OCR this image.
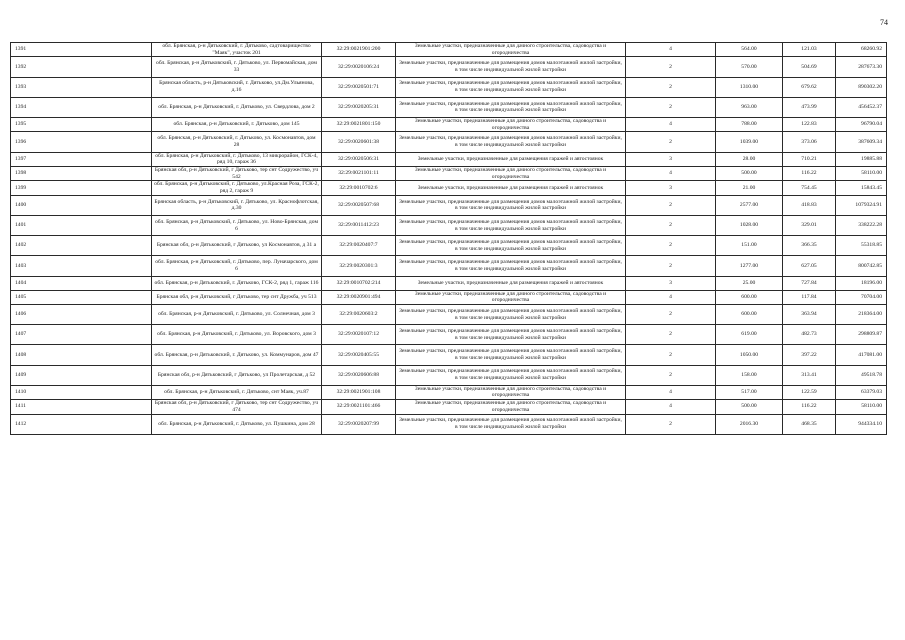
74
1391	обл. Брянская, р-н Дятьковский, г. Дятьково, садтоварищество "Маяк", участок 201	32:29:0021901:200	Земельные участки, предназначенные для дачного строительства, садоводства и огородничества	4	564.00	121.03	68260.92
1392	обл. Брянская, р-н Дятьковский, г. Дятьково, ул. Первомайская, дом 33	32:29:0020106:24	Земельные участки, предназначенные для размещения домов малоэтажной жилой застройки, в том числе индивидуальной жилой застройки	2	570.00	504.69	287673.30
1393	Брянская область, р-н Дятьковский, г. Дятьково, ул.Дм.Ульянова, д.16	32:29:0020501:71	Земельные участки, предназначенные для размещения домов малоэтажной жилой застройки, в том числе индивидуальной жилой застройки	2	1310.00	679.62	890302.20
1394	обл. Брянская, р-н Дятьковский, г. Дятьково, ул. Свердлова, дом 2	32:29:0020205:31	Земельные участки, предназначенные для размещения домов малоэтажной жилой застройки, в том числе индивидуальной жилой застройки	2	963.00	473.99	456452.37
1395	обл. Брянская, р-н Дятьковский, г. Дятьково, дом 145	32:29:0021801:150	Земельные участки, предназначенные для дачного строительства, садоводства и огородничества	4	788.00	122.83	96790.04
1396	обл. Брянская, р-н Дятьковский, г. Дятьково, ул. Космонавтов, дом 28	32:29:0020601:38	Земельные участки, предназначенные для размещения домов малоэтажной жилой застройки, в том числе индивидуальной жилой застройки	2	1039.00	373.06	387609.34
1397	обл. Брянская, р-н Дятьковский, г. Дятьково, 13 микрорайон, ГСК-4, ряд 10, гараж 36	32:29:0020506:31	Земельные участки, предназначенные для размещения гаражей и автостоянок	3	28.00	710.21	19885.88
1398	Брянская обл, р-н Дятьковский, г Дятьково, тер снт Содружество, уч 542	32:29:0021101:11	Земельные участки, предназначенные для дачного строительства, садоводства и огородничества	4	500.00	116.22	58110.00
1399	обл. Брянская, р-н Дятьковский, г. Дятьково, ул.Красная Роза, ГСК-2, ряд 2, гараж 9	32:29:0010702:6	Земельные участки, предназначенные для размещения гаражей и автостоянок	3	21.00	754.45	15843.45
1400	Брянская область, р-н Дятьковский, г. Дятьково, ул. Краснофлотская, д.30	32:29:0020507:68	Земельные участки, предназначенные для размещения домов малоэтажной жилой застройки, в том числе индивидуальной жилой застройки	2	2577.00	418.83	1079324.91
1401	обл. Брянская, р-н Дятьковский, г. Дятьково, ул. Ново-Брянская, дом 6	32:29:0011412:23	Земельные участки, предназначенные для размещения домов малоэтажной жилой застройки, в том числе индивидуальной жилой застройки	2	1028.00	329.01	338222.28
1402	Брянская обл, р-н Дятьковский, г Дятьково, ул Космонавтов, д 31 а	32:29:0020407:7	Земельные участки, предназначенные для размещения домов малоэтажной жилой застройки, в том числе индивидуальной жилой застройки	2	151.00	366.35	55318.85
1403	обл. Брянская, р-н Дятьковский, г. Дятьково, пер. Луначарского, дом 6	32:29:0020301:3	Земельные участки, предназначенные для размещения домов малоэтажной жилой застройки, в том числе индивидуальной жилой застройки	2	1277.00	627.05	800742.85
1404	обл. Брянская, р-н Дятьковский, г. Дятьково, ГСК-2, ряд 1, гараж 116	32:29:0010702:214	Земельные участки, предназначенные для размещения гаражей и автостоянок	3	25.00	727.84	18196.00
1405	Брянская обл, р-н Дятьковский, г Дятьково, тер снт Дружба, уч 513	32:29:0020901:494	Земельные участки, предназначенные для дачного строительства, садоводства и огородничества	4	600.00	117.84	70704.00
1406	обл. Брянская, р-н Дятьковский, г. Дятьково, ул. Солнечная, дом 3	32:29:0020603:2	Земельные участки, предназначенные для размещения домов малоэтажной жилой застройки, в том числе индивидуальной жилой застройки	2	600.00	363.94	218364.00
1407	обл. Брянская, р-н Дятьковский, г. Дятьково, ул. Воровского, дом 3	32:29:0020107:12	Земельные участки, предназначенные для размещения домов малоэтажной жилой застройки, в том числе индивидуальной жилой застройки	2	619.00	482.73	298809.87
1408	обл. Брянская, р-н Дятьковский, г. Дятьково, ул. Коммунаров, дом 47	32:29:0020405:55	Земельные участки, предназначенные для размещения домов малоэтажной жилой застройки, в том числе индивидуальной жилой застройки	2	1050.00	397.22	417081.00
1409	Брянская обл, р-н Дятьковский, г Дятьково, ул Пролетарская, д 52	32:29:0020606:88	Земельные участки, предназначенные для размещения домов малоэтажной жилой застройки, в том числе индивидуальной жилой застройки	2	158.00	313.41	49518.78
1410	обл. Брянская, р-н Дятьковский, г. Дятьково, снт Маяк, уч.87	32:29:0021901:108	Земельные участки, предназначенные для дачного строительства, садоводства и огородничества	4	517.00	122.59	63379.03
1411	Брянская обл, р-н Дятьковский, г Дятьково, тер снт Содружество, уч 474	32:29:0021101:466	Земельные участки, предназначенные для дачного строительства, садоводства и огородничества	4	500.00	116.22	58110.00
1412	обл. Брянская, р-н Дятьковский, г. Дятьково, ул. Пушкина, дом 28	32:29:0020207:99	Земельные участки, предназначенные для размещения домов малоэтажной жилой застройки, в том числе индивидуальной жилой застройки	2	2016.30	468.35	944334.10
